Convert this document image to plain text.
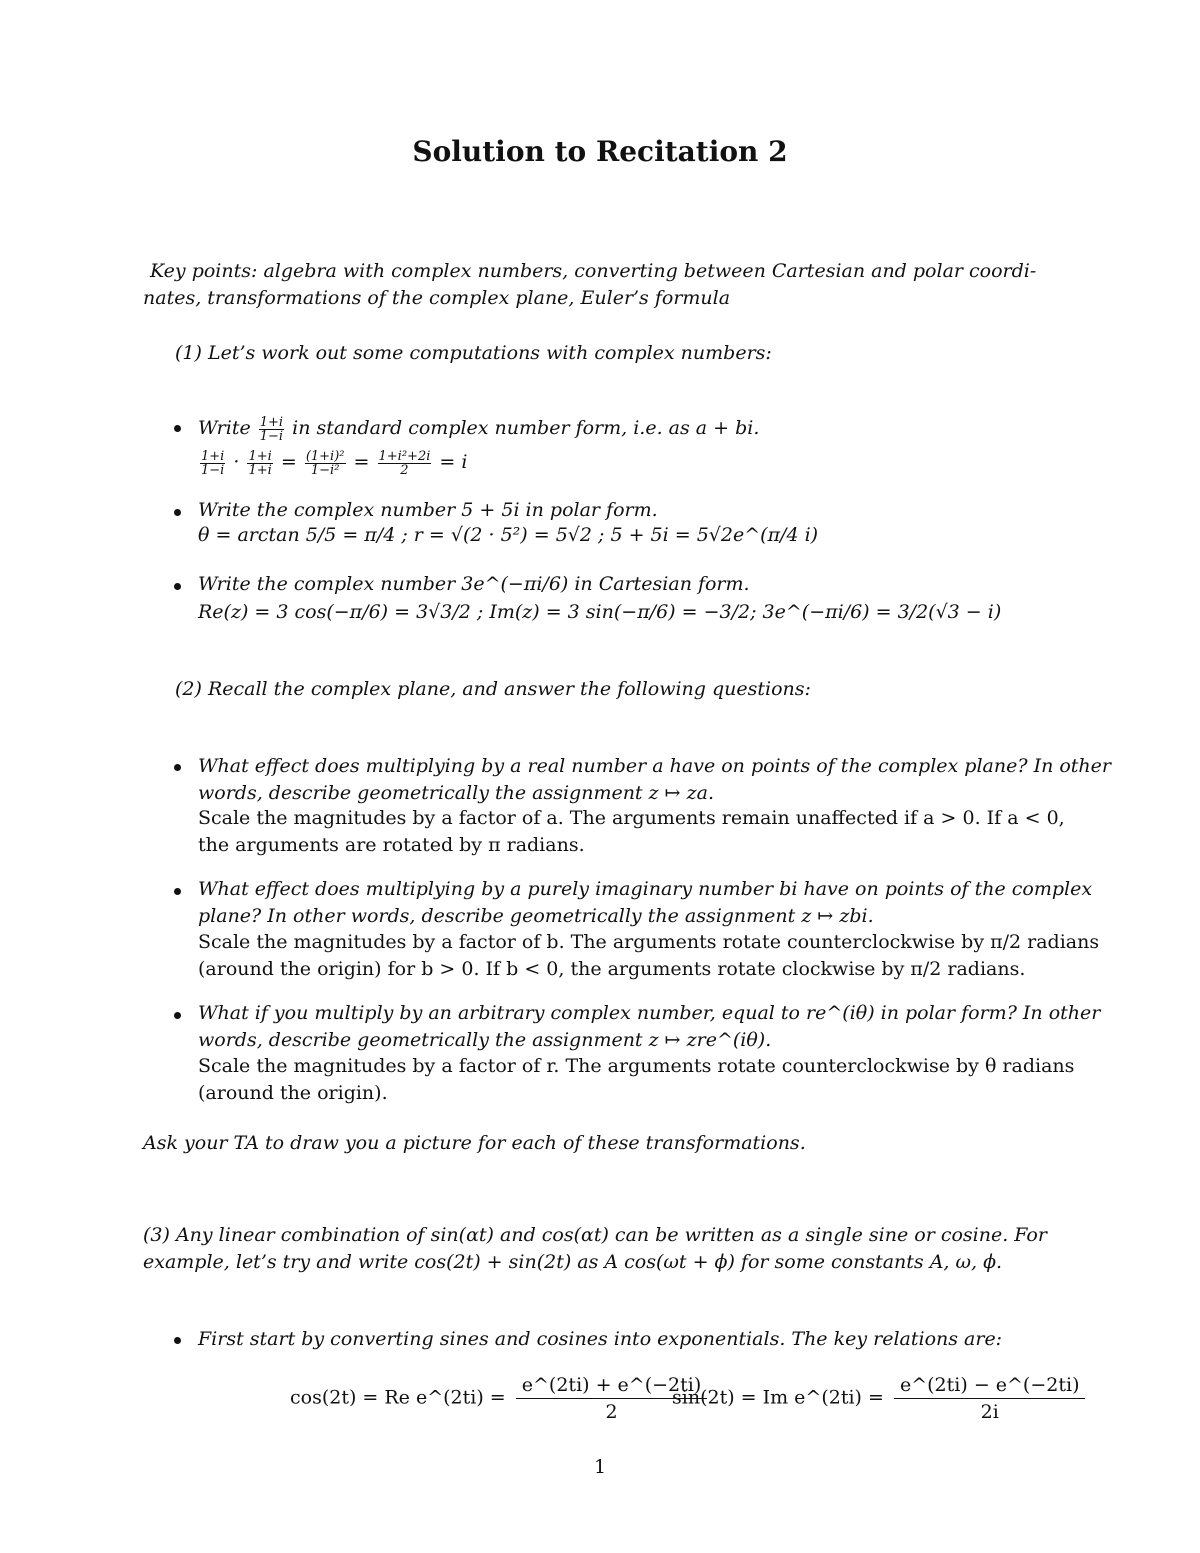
Solution to Recitation 2
Key points: algebra with complex numbers, converting between Cartesian and polar coordi-
nates, transformations of the complex plane, Euler’s formula
(1) Let’s work out some computations with complex numbers:
Write $\frac{1+i}{1-i}$ in standard complex number form, i.e. as a + bi.
$\frac{1+i}{1-i} \cdot \frac{1+i}{1+i} = \frac{\text{(1+i)²}}{\text{1−i²}} = \frac{\text{1+i²+2i}}{2} = i$
Write the complex number 5 + 5i in polar form.
θ = arctan 5/5 = π/4 ; r = √(2 · 5²) = 5√2 ; 5 + 5i = 5√2e^(π/4 i)
Write the complex number 3e^(−πi/6) in Cartesian form.
Re(z) = 3 cos(−π/6) = 3√3/2 ; Im(z) = 3 sin(−π/6) = −3/2; 3e^(−πi/6) = 3/2(√3 − i)
(2) Recall the complex plane, and answer the following questions:
What effect does multiplying by a real number a have on points of the complex plane? In other
words, describe geometrically the assignment z ↦ za.
Scale the magnitudes by a factor of a. The arguments remain unaffected if a > 0. If a < 0,
the arguments are rotated by π radians.
What effect does multiplying by a purely imaginary number bi have on points of the complex
plane? In other words, describe geometrically the assignment z ↦ zbi.
Scale the magnitudes by a factor of b. The arguments rotate counterclockwise by π/2 radians
(around the origin) for b > 0. If b < 0, the arguments rotate clockwise by π/2 radians.
What if you multiply by an arbitrary complex number, equal to re^(iθ) in polar form? In other
words, describe geometrically the assignment z ↦ zre^(iθ).
Scale the magnitudes by a factor of r. The arguments rotate counterclockwise by θ radians
(around the origin).
Ask your TA to draw you a picture for each of these transformations.
(3) Any linear combination of sin(αt) and cos(αt) can be written as a single sine or cosine. For
example, let’s try and write cos(2t) + sin(2t) as A cos(ωt + ϕ) for some constants A, ω, ϕ.
First start by converting sines and cosines into exponentials. The key relations are:
cos(2t) = Re e^(2ti) = $\frac{e\^{}(2ti) + e\^{}(-2ti)}{2}$
sin(2t) = Im e^(2ti) = $\frac{e\^{}(2ti) - e\^{}(-2ti)}{2i}$
1
